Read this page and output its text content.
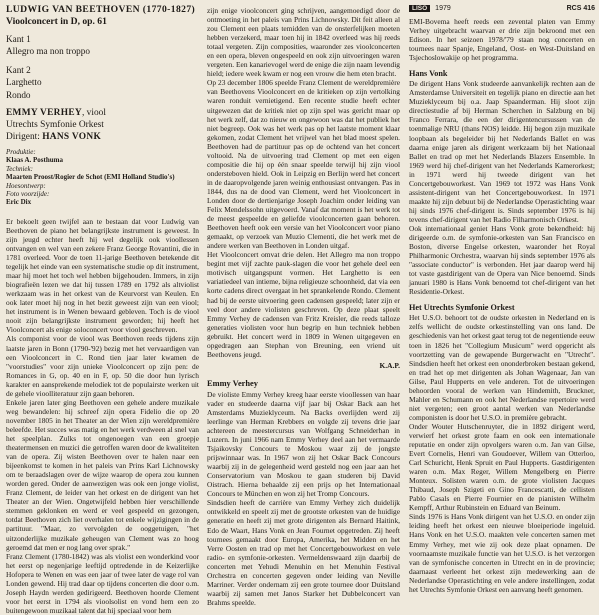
LUDWIG VAN BEETHOVEN (1770-1827)
Vioolconcert in D, op. 61
Kant 1
Allegro ma non troppo
Kant 2
Larghetto
Rondo
EMMY VERHEY, viool
Utrechts Symfonie Orkest
Dirigent: HANS VONK
Produktie:
Klaas A. Posthuma
Techniek:
Maarten Proost/Rogier de Schot (EMI Holland Studio's)
Hoesontwerp:
Foto voorzijde:
Eric Dix

Er bekoelt geen twijfel aan te bestaan dat voor Ludwig van Beethoven de piano het belangrijkste instrument is geweest. In zijn jeugd echter heeft hij wel degelijk ook vioollessen ontvangen en wel van een zekere Franz George Rovantini, die in 1781 overleed. Voor de toen 11-jarige Beethoven betekende dit tegelijk het einde van een systematische studie op dit instrument, maar hij moet het toch wel hebben bijgehouden. Immers, in zijn biografieën lezen we dat hij tussen 1789 en 1792 als altviolist werkzaam was in het orkest van de Keurvorst van Keulen. En ook later moet hij nog in het bezit geweest zijn van een viool; het instrument is in Wenen bewaard gebleven. Toch is de viool nooit zijn belangrijkste instrument geworden; hij heeft het Vioolconcert als enige soloconcert voor viool geschreven.

Als componist voor de viool was Beethoven reeds tijdens zijn laatste jaren in Bonn (1790-'92) bezig met het vervaardigen van een Vioolconcert in C. Rond tien jaar later kwamen de "voorstudies" voor zijn unieke Vioolconcert op zijn pen: de Romances in G, op. 40 en in F, op. 50 die door hun lyrisch karakter en aansprekende melodiek tot de populairste werken uit de gehele vioolliteratuur zijn gaan behoren.

Enkele jaren later ging Beethoven een gehele andere muzikale weg bewandelen: hij schreef zijn opera Fidelio die op 20 november 1805 in het Theater an der Wien zijn wereldpremière beleefde. Het succes was matig en het werk verdween al snel van het speelplan. Zulks tot ongenoegen van een groepje theatermensen en muzici die getroffen waren door de kwaliteiten van de opera. Zij wisten Beethoven over te halen naar een bijeenkomst te komen in het paleis van Prins Karl Lichnowsky om te beraadslagen over de wijze waarop de opera zou kunnen worden gered. Onder de aanwezigen was ook een jonge violist, Franz Clement, de leider van het orkest en de dirigent van het Theater an der Wien. Ongetwijfeld hebben hier verschillende stemmen geklonken en werd er veel gespeeld en gezongen, totdat Beethoven zich liet overhalen tot enkele wijzigingen in de partituur. "Maar, zo vervolgden de ooggetuigen, "het uitzonderlijke muzikale geheugen van Clement was zo hoog geroemd dat men er nog lang over sprak."

Franz Clement (1780-1842) was als violist een wonderkind voor het eerst op negenjarige leeftijd optredende in de Keizerlijke Hofopera te Wenen en was een jaar of twee later de vage rol van Londen gewend. Hij trad daar op tijdens concerten die door o.m. Joseph Haydn werden gedirigeerd. Beethoven hoorde Clement voor het eerst in 1794 als vioolsolist en vond hem een zo buitengewoon muzikaal talent dat hij speciaal voor hem

zijn enige vioolconcert ging schrijven, aangemoedigd door de ontmoeting in het paleis van Prins Lichnowsky. Dit feit alleen al zou Clement een plaats temidden van de onsterfelijken moeten hebben verzekerd, maar toen hij in 1842 overleed was hij reeds totaal vergeten. Zijn composities, waaronder zes vioolconcerten en een opera, bleven ongespeeld en ook zijn uitvoeringen waren vergeten. Een kanarievogel werd de enige die zijn naam levendig hield; iedere week kwam er nog een vrouw die hem eten bracht.

Op 23 december 1806 speelde Franz Clement de wereldpremière van Beethovens Vioolconcert en de kritieken op zijn vertolking waren ronduit vernietigend. Een recente studie heeft echter uitgewezen dat de kritiek niet op zijn spel was gericht maar op het werk zelf, dat zo nieuw en ongewoon was dat het publiek het niet begreep. Ook was het werk pas op het laatste moment klaar gekomen, zodat Clement het vrijwel van het blad moest spelen. Beethoven had de partituur pas op de ochtend van het concert voltooid. Na de uitvoering trad Clement op met een eigen compositie die hij op één snaar speelde terwijl hij zijn viool ondersteboven hield. Ook in Leipzig en Berlijn werd het concert in de daaropvolgende jaren weinig enthousiast ontvangen. Pas in 1844, dus na de dood van Clement, werd het Vioolconcert in Londen door de dertienjarige Joseph Joachim onder leiding van Felix Mendelssohn uitgevoerd. Vanaf dat moment is het werk tot de meest gespeelde en geliefde vioolconcerten gaan behoren. Beethoven heeft ook een versie van het Vioolconcert voor piano gemaakt, op verzoek van Muzio Clementi, die het werk met de andere werken van Beethoven in Londen uitgaf.

Het Vioolconcert omvat drie delen. Het Allegro ma non troppo begint met vijf zachte pauk-slagen die voor het gehele deel een motivisch uitgangspunt vormen. Het Larghetto is een variatiedeel van intieme, bijna religieuze schoonheid, dat via een korte cadens direct overgaat in het sprankelende Rondo. Clement had bij de eerste uitvoering geen cadensen gespeeld; later zijn er veel door andere violisten geschreven. Op deze plaat speelt Emmy Verhey de cadensen van Fritz Kreisler, die reeds talloze generaties violisten voor hun begrip en hun techniek hebben gebruikt. Het concert werd in 1809 in Wenen uitgegeven en opgedragen aan Stephan von Breuning, een vriend uit Beethovens jeugd.

K.A.P.
Emmy Verhey

De violiste Emmy Verhey kreeg haar eerste vioollessen van haar vader en studeerde daarna vijf jaar bij Oskar Back aan het Amsterdams Muzieklyceum. Na Backs overlijden werd zij leerlinge van Herman Krebbers en volgde zij tevens drie jaar achtereen de meestercursus van Wolfgang Schneiderhan in Luzern. In juni 1966 nam Emmy Verhey deel aan het vermaarde Tsjaikovsky Concours te Moskou waar zij de jongste prijswinnaar was. In 1967 won zij het Oskar Back Concours waarbij zij in de gelegenheid werd gesteld nog een jaar aan het Conservatorium van Moskou te gaan studeren bij David Oistrach. Hierna behaalde zij een prijs op het Internationaal Concours te München en won zij het Tromp Concours.

Sindsdien heeft de carrière van Emmy Verhey zich duidelijk ontwikkeld en speelt zij met de grootste orkesten van de huidige generatie en heeft zij met grote dirigenten als Bernard Haitink, Edo de Waart, Hans Vonk en Jean Fournet opgetreden. Zij heeft tournees gemaakt door Europa, Amerika, het Midden en het Verre Oosten en trad op met het Concertgebouworkest en vele radio- en symfonie-orkesten. Vermeldenswaard zijn daarbij de concerten met Yehudi Menuhin en het Menuhin Festival Orchestra en concerten gegeven onder leiding van Neville Marriner. Verder ondernam zij een grote tournee door Duitsland waarbij zij samen met Janos Starker het Dubbelconcert van Brahms speelde.

LISO	1979	RCS 416

EMI-Bovema heeft reeds een zevental platen van Emmy Verhey uitgebracht waarvan er drie zijn bekroond met een Edison. In het seizoen 1978/'79 staan nog concerten en tournees naar Spanje, Engeland, Oost- en West-Duitsland en Tsjechoslowakije op het programma.

Hans Vonk

De dirigent Hans Vonk studeerde aanvankelijk rechten aan de Amsterdamse Universiteit en tegelijk piano en directie aan het Muzieklyceum bij o.a. Jaap Spaanderman. Hij sloot zijn directiestudie af bij Herman Scherchen in Salzburg en bij Franco Ferrara, die een der dirigentencursussen van de toenmalige NRU (thans NOS) leidde. Hij begon zijn muzikale loopbaan als begeleider bij het Nederlands Ballet en was daarna enige jaren als dirigent werkzaam bij het Nationaal Ballet en trad op met het Nederlands Blazers Ensemble. In 1969 werd hij chef-dirigent van het Nederlands Kamerorkest; in 1971 werd hij tweede dirigent van het Concertgebouworkest. Van 1969 tot 1972 was Hans Vonk assistent-dirigent van het Concertgebouworkest. In 1971 maakte hij zijn debuut bij de Nederlandse Operastichting waar hij sinds 1976 chef-dirigent is. Sinds september 1976 is hij tevens chef-dirigent van het Radio Filharmonisch Orkest.

Ook internationaal geniet Hans Vonk grote bekendheid: hij dirigeerde o.m. de symfonie-orkesten van San Francisco en Boston, diverse Engelse orkesten, waaronder het Royal Philharmonic Orchestra, waarvan hij sinds september 1976 als "associate conductor" is verbonden. Het jaar daarop werd hij tot vaste gastdirigent van de Opera van Nice benoemd. Sinds januari 1980 is Hans Vonk benoemd tot chef-dirigent van het Residentie-Orkest.

Het Utrechts Symfonie Orkest

Het U.S.O. behoort tot de oudste orkesten in Nederland en is zelfs wellicht de oudste orkestinstelling van ons land. De geschiedenis van het orkest gaat terug tot de negentiende eeuw toen in 1826 het "Collegium Musicum" werd opgericht als voortzetting van de gewapende Burgerwacht en "Utrecht". Sindsdien heeft het orkest een ononderbroken bestaan gekend, en trad het op met dirigenten als Johan Wagenaar, Jan van Gilse, Paul Hupperts en vele anderen. Tot de uitvoeringen behoorden vooral de werken van Hindemith, Bruckner, Mahler en Schumann en ook het Nederlandse repertoire werd niet vergeten; een groot aantal werken van Nederlandse componisten is door het U.S.O. in première gebracht.

Onder Wouter Hutschenruyter, die in 1892 dirigent werd, verwierf het orkest grote faam en ook een internationale reputatie en onder zijn opvolgers waren o.m. Jan van Gilse, Evert Cornelis, Henri van Goudoever, Willem van Otterloo, Carl Schuricht, Henk Spruit en Paul Hupperts. Gastdirigenten waren o.m. Max Reger, Willem Mengelberg en Pierre Monteux. Solisten waren o.m. de grote violisten Jacques Thibaud, Joseph Szigeti en Gino Francescatti, de cellisten Pablo Casals en Pierre Fournier en de pianisten Wilhelm Kempff, Arthur Rubinstein en Eduard van Beinum.

Sinds 1976 is Hans Vonk dirigent van het U.S.O. en onder zijn leiding heeft het orkest een nieuwe bloeiperiode ingeluid. Hans Vonk en het U.S.O. maakten vele concerten samen met Emmy Verhey, met wie zij ook deze plaat opnamen. De voornaamste muzikale functie van het U.S.O. is het verzorgen van de symfonische concerten in Utrecht en in de provincie; daarnaast verleent het orkest zijn medewerking aan de Nederlandse Operastichting en vele andere instellingen, zodat het Utrechts Symfonie Orkest een aanvang heeft genomen.
